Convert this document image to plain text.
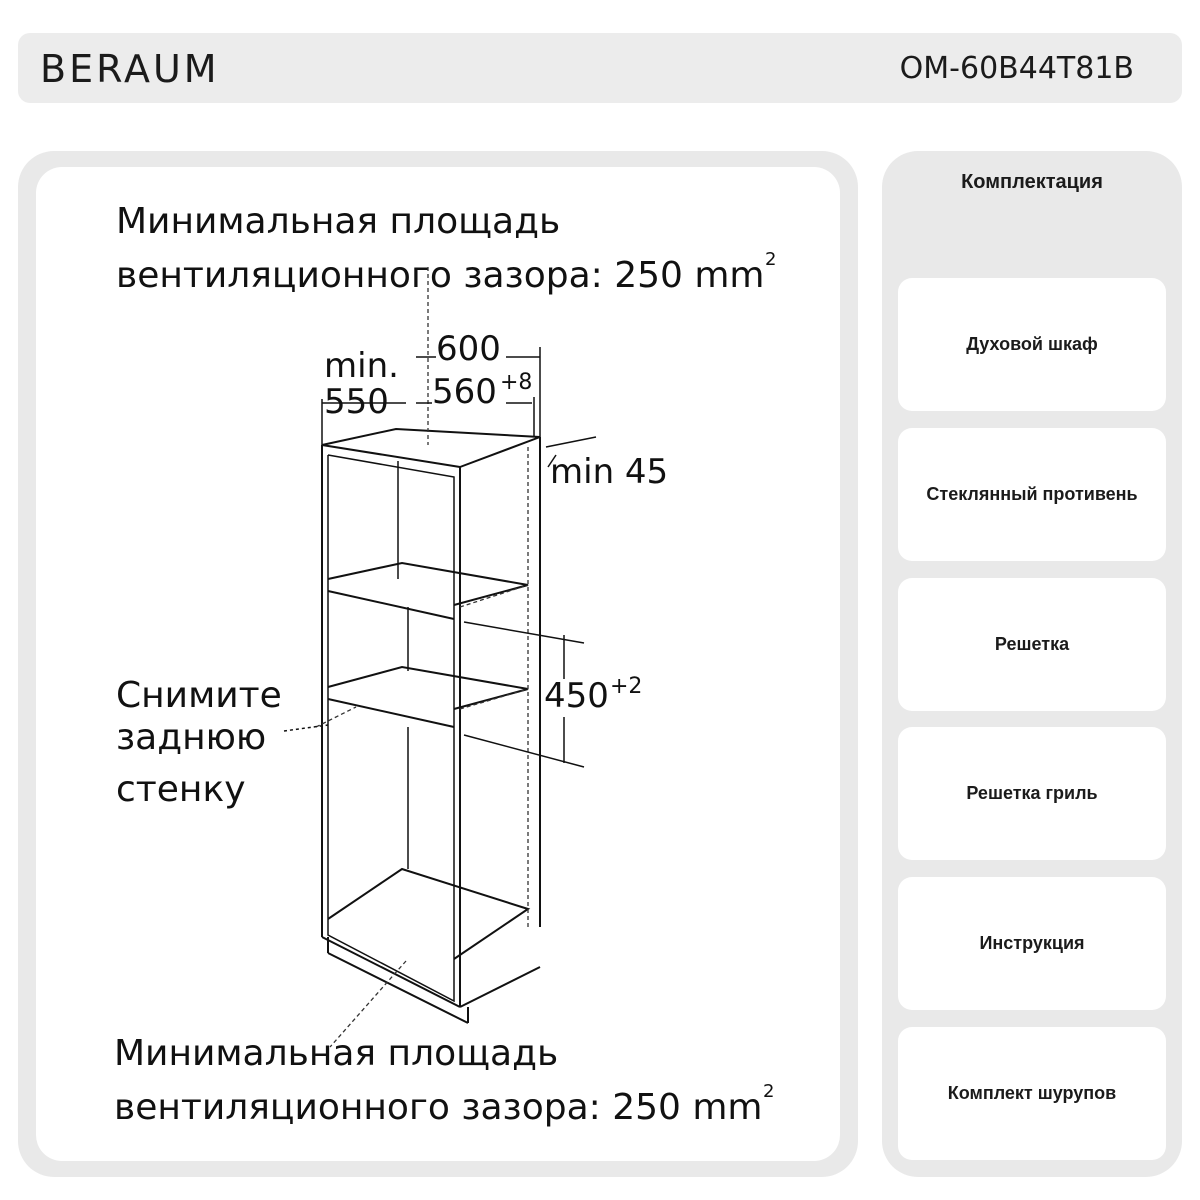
BERAUM	OM-60B44T81B
Минимальная площадь
вентиляционного зазора: 250 mm 2
min.
550
600
560 +8
min 45
450 +2
Снимите
заднюю
стенку
Минимальная площадь
вентиляционного зазора: 250 mm 2
Комплектация
Духовой шкаф
Стеклянный противень
Решетка
Решетка гриль
Инструкция
Комплект шурупов
